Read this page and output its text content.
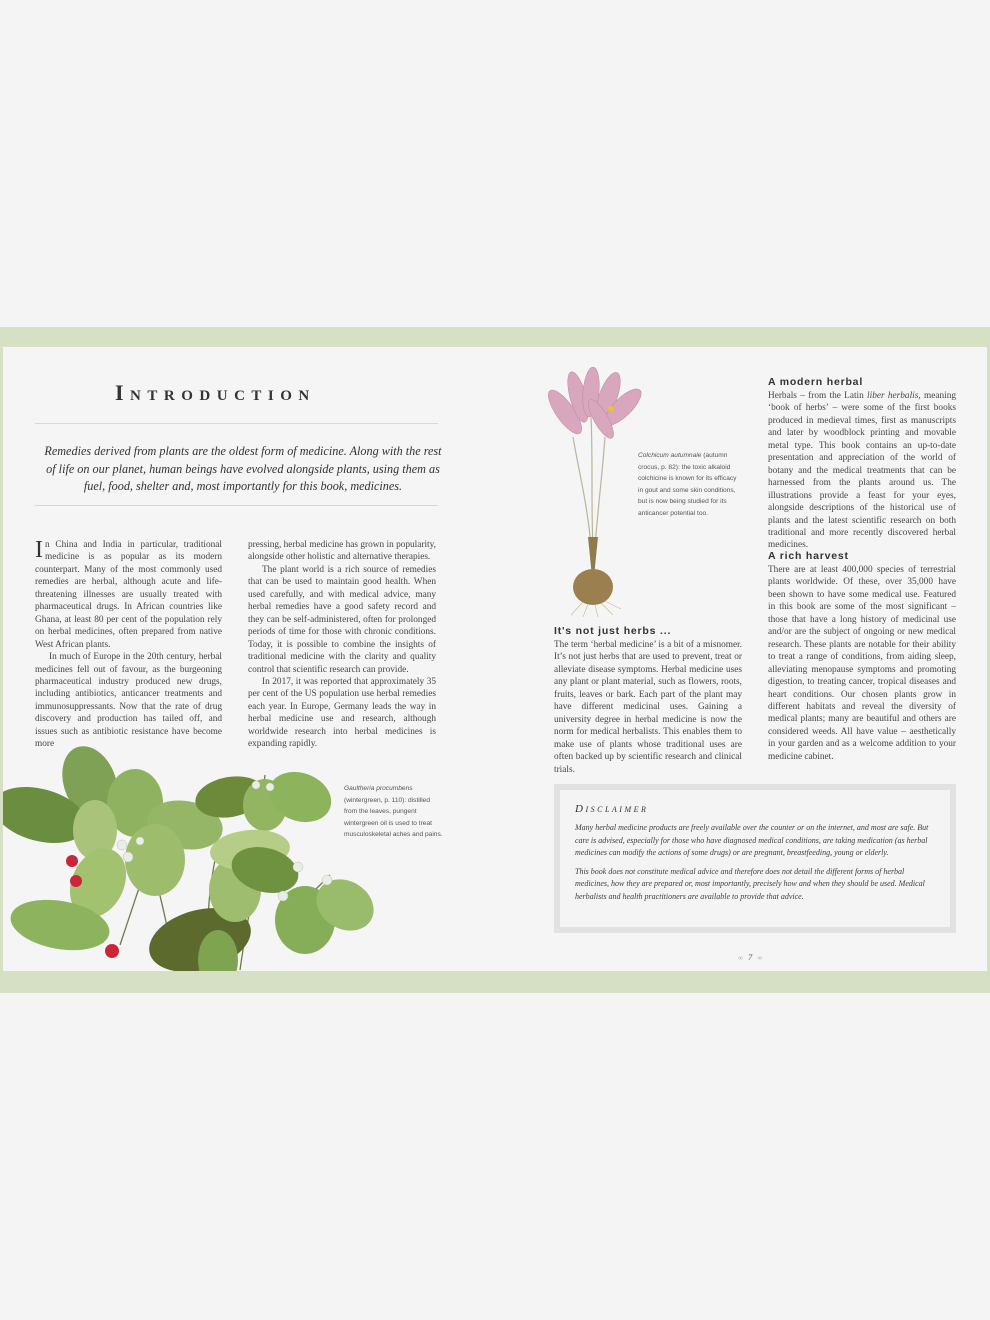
Introduction

Remedies derived from plants are the oldest form of medicine. Along with the rest of life on our planet, human beings have evolved alongside plants, using them as fuel, food, shelter and, most importantly for this book, medicines.

In China and India in particular, traditional medicine is as popular as its modern counterpart. Many of the most commonly used remedies are herbal, although acute and life-threatening illnesses are usually treated with pharmaceutical drugs. In African countries like Ghana, at least 80 per cent of the population rely on herbal medicines, often prepared from native West African plants.

In much of Europe in the 20th century, herbal medicines fell out of favour, as the burgeoning pharmaceutical industry produced new drugs, including antibiotics, anticancer treatments and immunosuppressants. Now that the rate of drug discovery and production has tailed off, and issues such as antibiotic resistance have become more

pressing, herbal medicine has grown in popularity, alongside other holistic and alternative therapies.

The plant world is a rich source of remedies that can be used to maintain good health. When used carefully, and with medical advice, many herbal remedies have a good safety record and they can be self-administered, often for prolonged periods of time for those with chronic conditions. Today, it is possible to combine the insights of traditional medicine with the clarity and quality control that scientific research can provide.

In 2017, it was reported that approximately 35 per cent of the US population use herbal remedies each year. In Europe, Germany leads the way in herbal medicine use and research, although worldwide research into herbal medicines is expanding rapidly.

Gaultheria procumbens (wintergreen, p. 110): distilled from the leaves, pungent wintergreen oil is used to treat musculoskeletal aches and pains.
Colchicum autumnale (autumn crocus, p. 82): the toxic alkaloid colchicine is known for its efficacy in gout and some skin conditions, but is now being studied for its anticancer potential too.
It's not just herbs ...

The term ‘herbal medicine’ is a bit of a misnomer. It’s not just herbs that are used to prevent, treat or alleviate disease symptoms. Herbal medicine uses any plant or plant material, such as flowers, roots, fruits, leaves or bark. Each part of the plant may have different medicinal uses. Gaining a university degree in herbal medicine is now the norm for medical herbalists. This enables them to make use of plants whose traditional uses are often backed up by scientific research and clinical trials.

A modern herbal

Herbals – from the Latin liber herbalis, meaning ‘book of herbs’ – were some of the first books produced in medieval times, first as manuscripts and later by woodblock printing and movable metal type. This book contains an up-to-date presentation and appreciation of the world of botany and the medical treatments that can be harnessed from the plants around us. The illustrations provide a feast for your eyes, alongside descriptions of the historical use of plants and the latest scientific research on both traditional and more recently discovered herbal medicines.

A rich harvest

There are at least 400,000 species of terrestrial plants worldwide. Of these, over 35,000 have been shown to have some medical use. Featured in this book are some of the most significant – those that have a long history of medicinal use and/or are the subject of ongoing or new medical research. These plants are notable for their ability to treat a range of conditions, from aiding sleep, alleviating menopause symptoms and promoting digestion, to treating cancer, tropical diseases and heart conditions. Our chosen plants grow in different habitats and reveal the diversity of medical plants; many are beautiful and others are considered weeds. All have value – aesthetically in your garden and as a welcome addition to your medicine cabinet.

Disclaimer

Many herbal medicine products are freely available over the counter or on the internet, and most are safe. But care is advised, especially for those who have diagnosed medical conditions, are taking medication (as herbal medicines can modify the actions of some drugs) or are pregnant, breastfeeding, young or elderly.

This book does not constitute medical advice and therefore does not detail the different forms of herbal medicines, how they are prepared or, most importantly, precisely how and when they should be used. Medical herbalists and health practitioners are available to provide that advice.

∞ 7 ∞
